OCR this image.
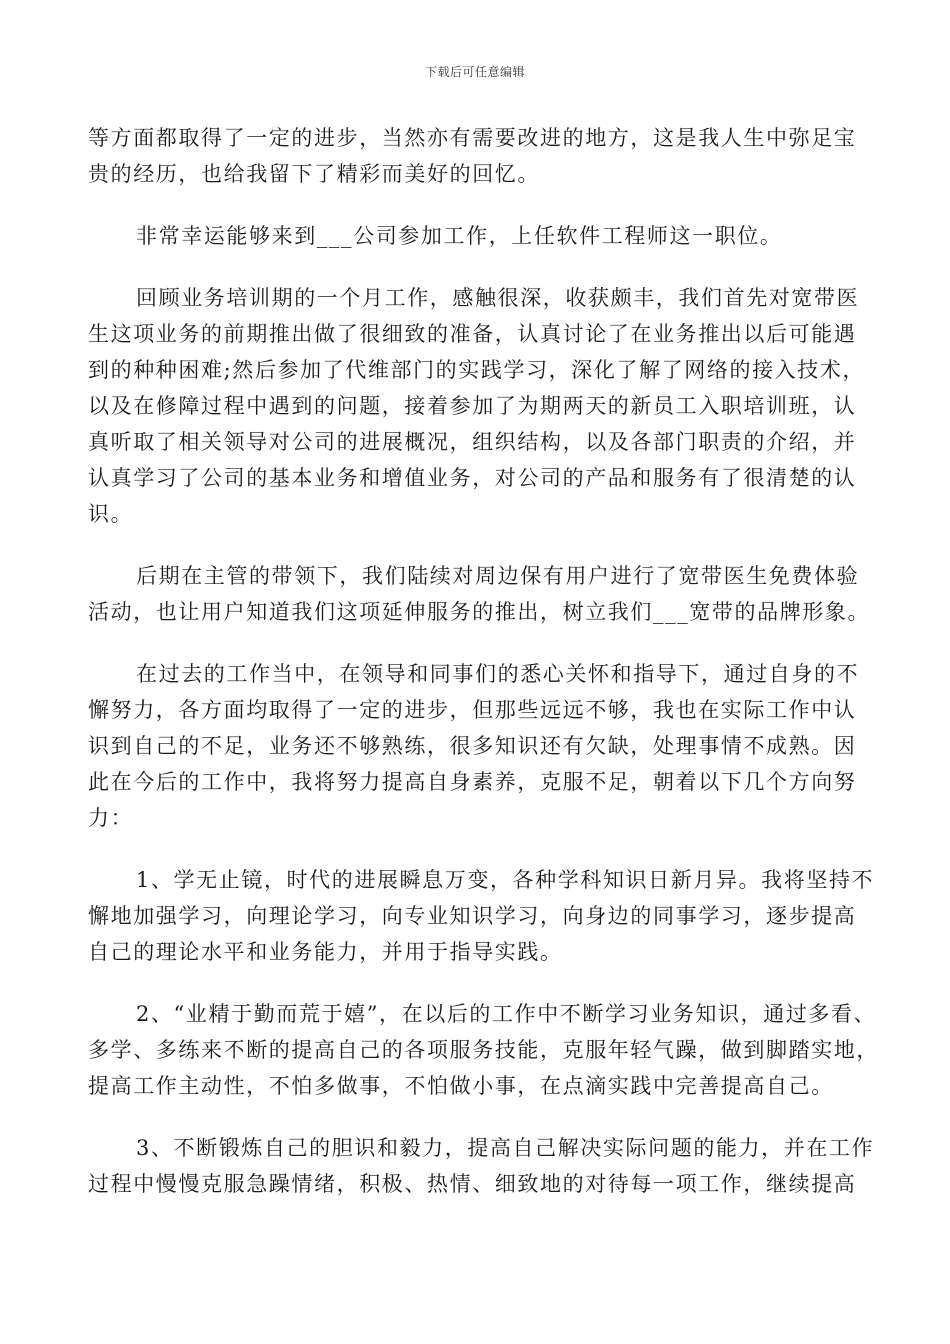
下载后可任意编辑
等方面都取得了一定的进步，当然亦有需要改进的地方，这是我人生中弥足宝
贵的经历，也给我留下了精彩而美好的回忆。
非常幸运能够来到___公司参加工作，上任软件工程师这一职位。
回顾业务培训期的一个月工作，感触很深，收获颇丰，我们首先对宽带医
生这项业务的前期推出做了很细致的准备，认真讨论了在业务推出以后可能遇
到的种种困难;然后参加了代维部门的实践学习，深化了解了网络的接入技术，
以及在修障过程中遇到的问题，接着参加了为期两天的新员工入职培训班，认
真听取了相关领导对公司的进展概况，组织结构，以及各部门职责的介绍，并
认真学习了公司的基本业务和增值业务，对公司的产品和服务有了很清楚的认
识。
后期在主管的带领下，我们陆续对周边保有用户进行了宽带医生免费体验
活动，也让用户知道我们这项延伸服务的推出，树立我们___宽带的品牌形象。
在过去的工作当中，在领导和同事们的悉心关怀和指导下，通过自身的不
懈努力，各方面均取得了一定的进步，但那些远远不够，我也在实际工作中认
识到自己的不足，业务还不够熟练，很多知识还有欠缺，处理事情不成熟。因
此在今后的工作中，我将努力提高自身素养，克服不足，朝着以下几个方向努
力：
1、学无止镜，时代的进展瞬息万变，各种学科知识日新月异。我将坚持不
懈地加强学习，向理论学习，向专业知识学习，向身边的同事学习，逐步提高
自己的理论水平和业务能力，并用于指导实践。
2、“业精于勤而荒于嬉”，在以后的工作中不断学习业务知识，通过多看、
多学、多练来不断的提高自己的各项服务技能，克服年轻气躁，做到脚踏实地，
提高工作主动性，不怕多做事，不怕做小事，在点滴实践中完善提高自己。
3、不断锻炼自己的胆识和毅力，提高自己解决实际问题的能力，并在工作
过程中慢慢克服急躁情绪，积极、热情、细致地的对待每一项工作，继续提高
